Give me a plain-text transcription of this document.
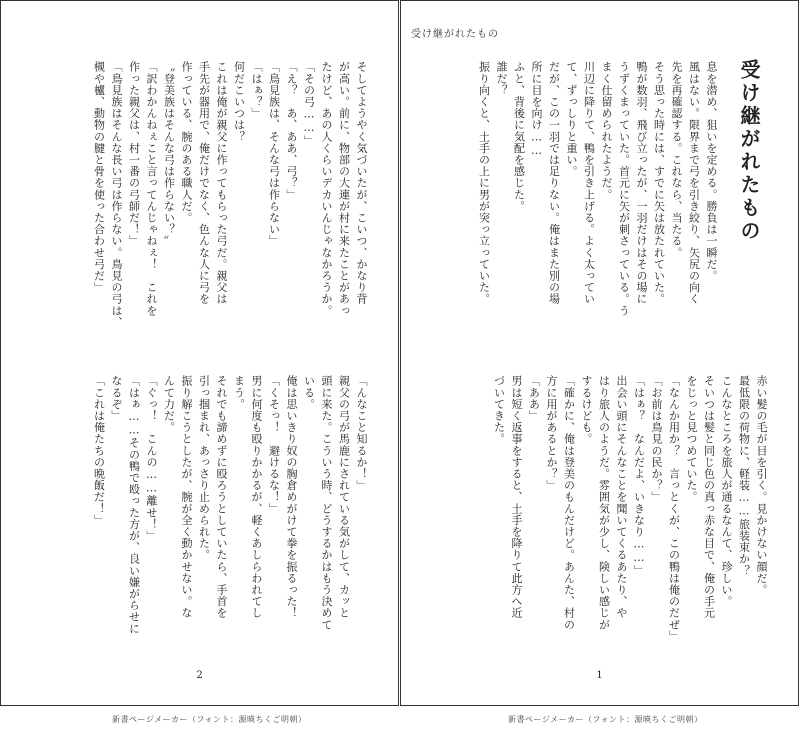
そしてようやく気づいたが、こいつ、かなり背
が高い。前に、物部の大連が村に来たことがあっ
たけど、あの人くらいデカいんじゃなかろうか。
「その弓……」
「え？　あ、ああ、弓？」
「鳥見族は、そんな弓は作らない」
「はぁ？」
何だこいつは？
これは俺が親父に作ってもらった弓だ。親父は
手先が器用で、俺だけでなく、色んな人に弓を
作っている、腕のある職人だ。
〝登美族はそんな弓は作らない？〟
「訳わかんねぇこと言ってんじゃねぇ！　これを
作った親父は、村一番の弓師だ！」
「鳥見族はそんな長い弓は作らない。鳥見の弓は、
槻や櫨、動物の腱と骨を使った合わせ弓だ」
「んなこと知るか！」
親父の弓が馬鹿にされている気がして、カッと
頭に来た。こういう時、どうするかはもう決めて
いる。
俺は思いきり奴の胸倉めがけて拳を振るった！
「くそっ！　避けるな！」
男に何度も殴りかかるが、軽くあしらわれてし
まう。
それでも諦めずに殴ろうとしていたら、手首を
引っ掴まれ、あっさり止められた。
振り解こうとしたが、腕が全く動かせない。な
んて力だ。
「ぐっ！　こんの……離せ！」
「はぁ……その鴨で殴った方が、良い嫌がらせに
なるぞ」
「これは俺たちの晩飯だ！」
2
受け継がれたもの
受け継がれたもの
息を潜め、狙いを定める。勝負は一瞬だ。
風はない。限界まで弓を引き絞り、矢尻の向く
先を再確認する。これなら、当たる。
そう思った時には、すでに矢は放たれていた。
鴨が数羽、飛び立ったが、一羽だけはその場に
うずくまっていた。首元に矢が刺さっている。う
まく仕留められたようだ。
川辺に降りて、鴨を引き上げる。よく太ってい
て、ずっしりと重い。
だが、この一羽では足りない。俺はまた別の場
所に目を向け……
ふと、背後に気配を感じた。
誰だ？
振り向くと、土手の上に男が突っ立っていた。
赤い髪の毛が目を引く。見かけない顔だ。
最低限の荷物に、軽装……旅装束か？
こんなところを旅人が通るなんて、珍しい。
そいつは髪と同じ色の真っ赤な目で、俺の手元
をじっと見つめていた。
「なんか用か？　言っとくが、この鴨は俺のだぜ」
「お前は鳥見の民か？」
「はぁ？　なんだよ、いきなり……」
出会い頭にそんなことを聞いてくるあたり、や
はり旅人のようだ。雰囲気が少し、険しい感じが
するけども。
「確かに、俺は登美のもんだけど。あんた、村の
方に用があるとか？」
「ああ」
男は短く返事をすると、土手を降りて此方へ近
づいてきた。
1
新書ページメーカー（フォント：源暎ちくご明朝）	新書ページメーカー（フォント：源暎ちくご明朝）
